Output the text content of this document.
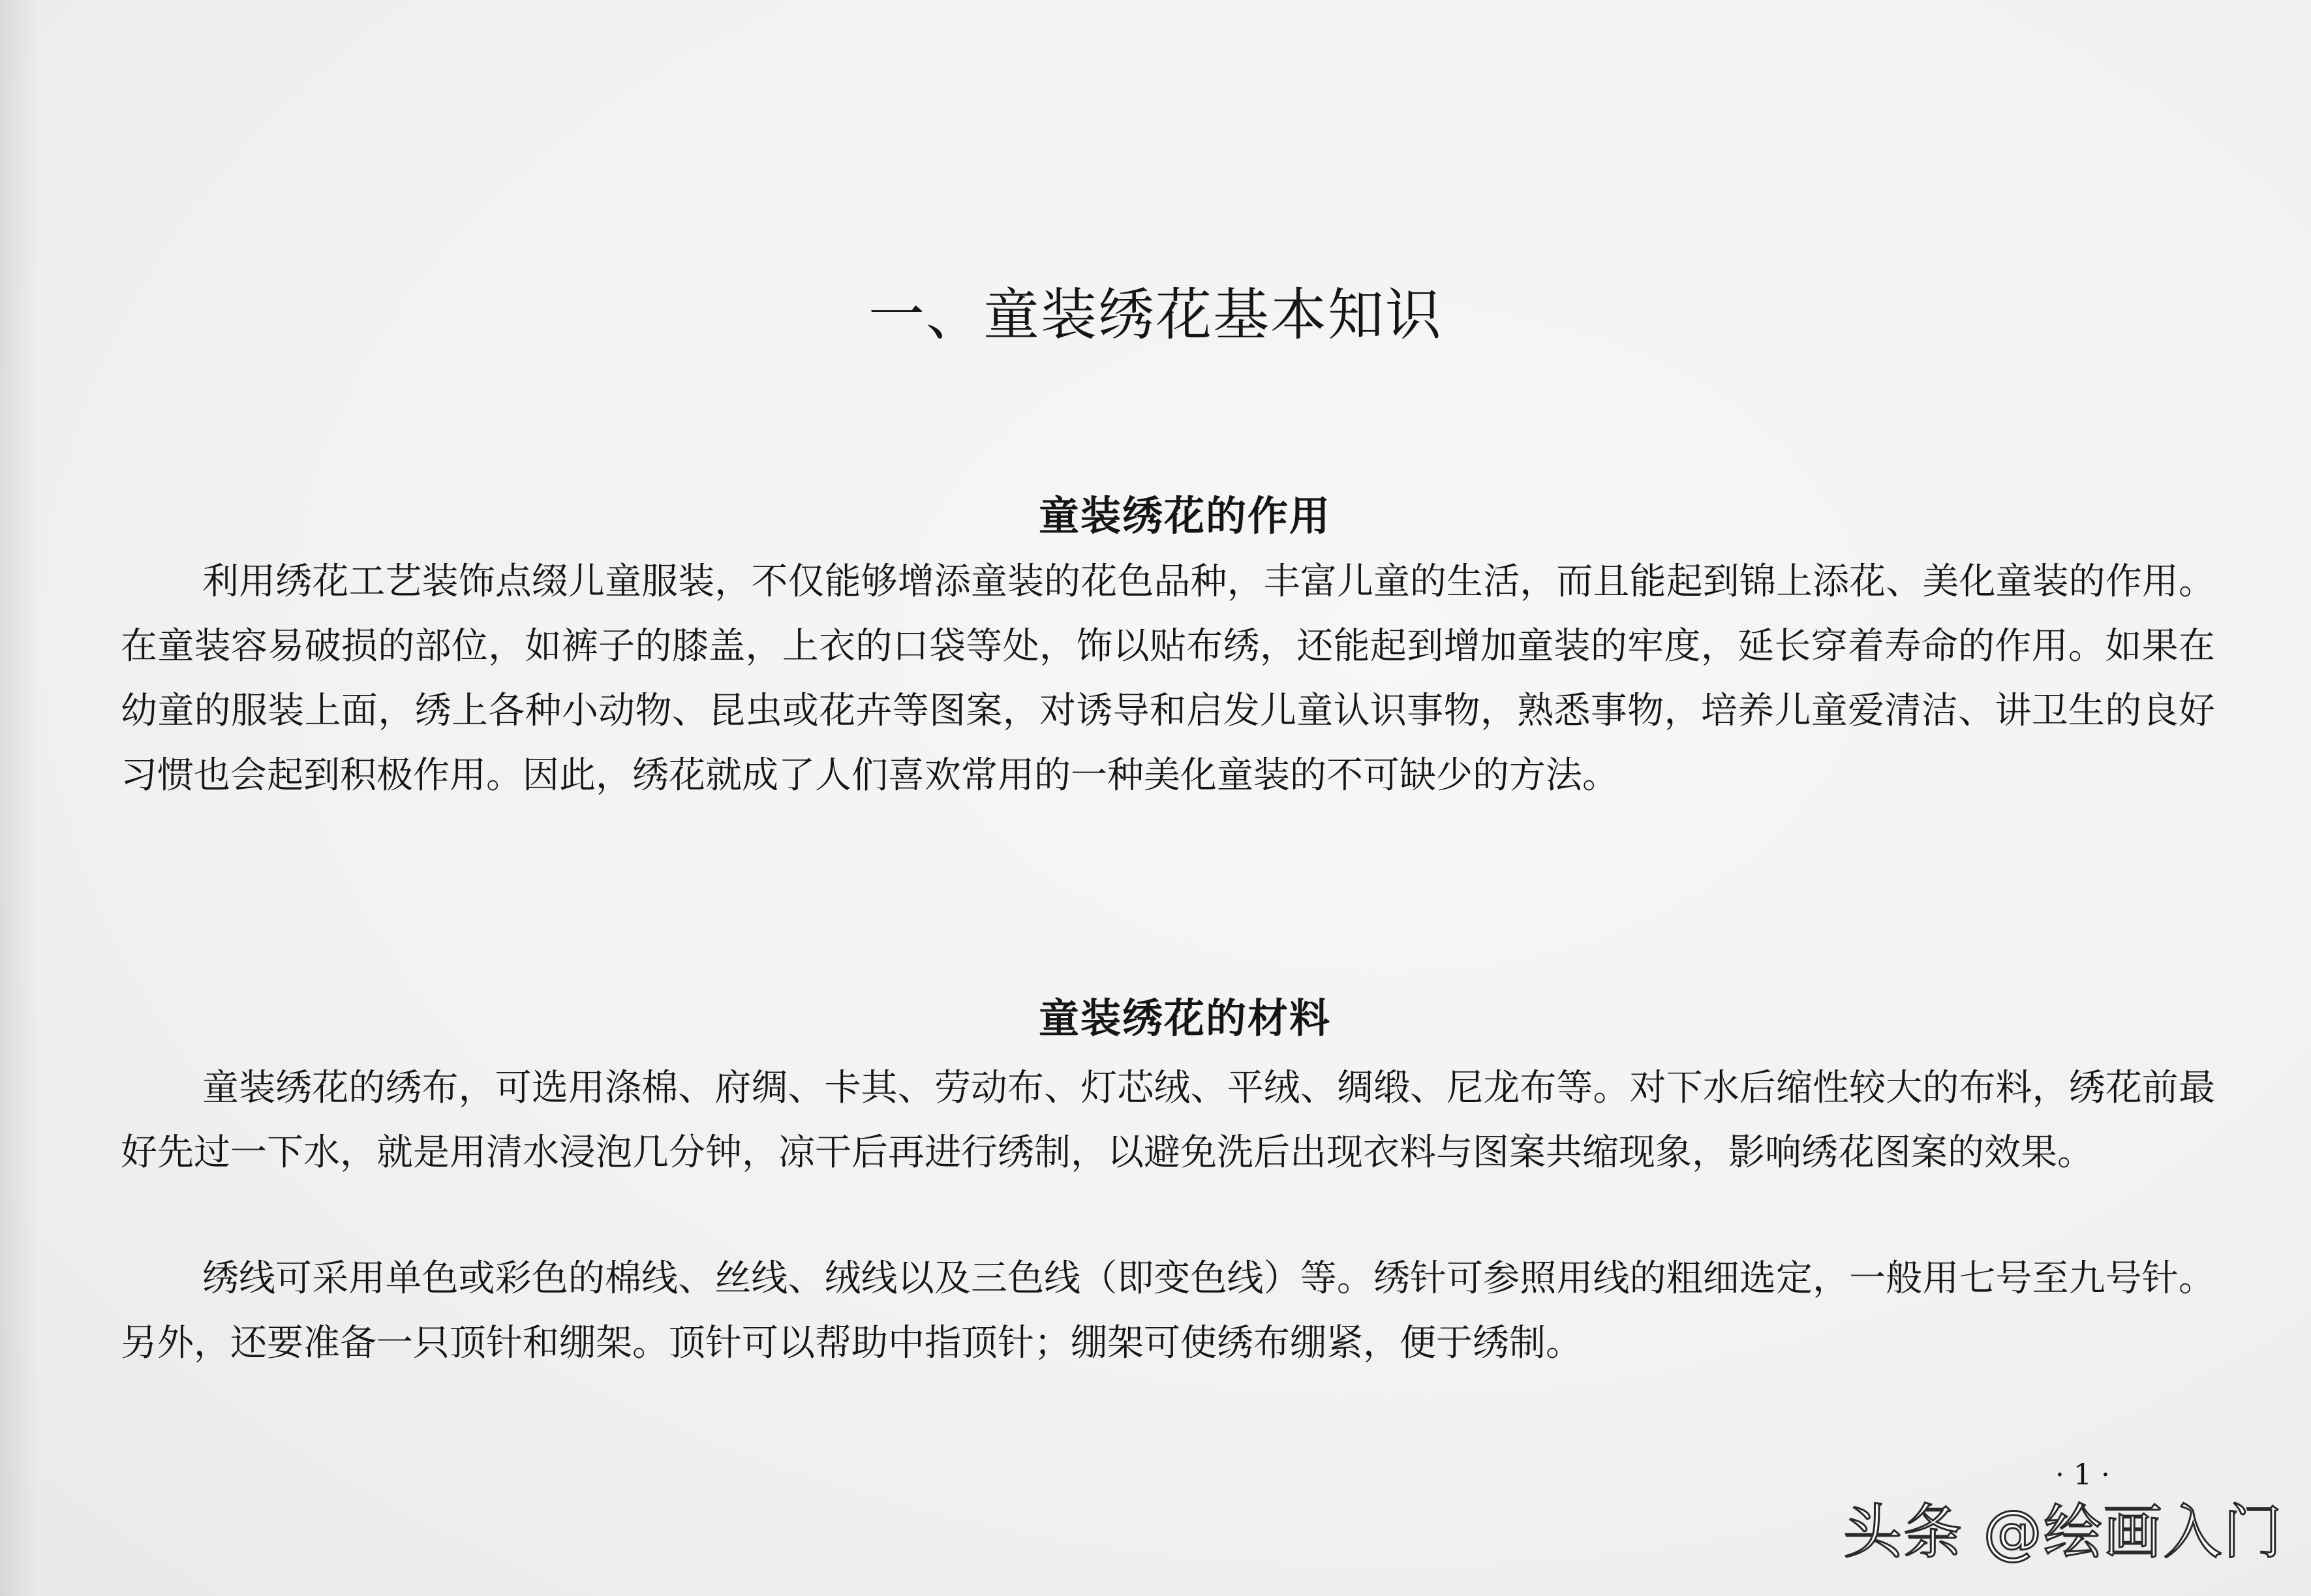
一、童装绣花基本知识
童装绣花的作用

利用绣花工艺装饰点缀儿童服装，不仅能够增添童装的花色品种，丰富儿童的生活，而且能起到锦上添花、美化童装的作用。在童装容易破损的部位，如裤子的膝盖，上衣的口袋等处，饰以贴布绣，还能起到增加童装的牢度，延长穿着寿命的作用。如果在幼童的服装上面，绣上各种小动物、昆虫或花卉等图案，对诱导和启发儿童认识事物，熟悉事物，培养儿童爱清洁、讲卫生的良好习惯也会起到积极作用。因此，绣花就成了人们喜欢常用的一种美化童装的不可缺少的方法。

童装绣花的材料

童装绣花的绣布，可选用涤棉、府绸、卡其、劳动布、灯芯绒、平绒、绸缎、尼龙布等。对下水后缩性较大的布料，绣花前最好先过一下水，就是用清水浸泡几分钟，凉干后再进行绣制，以避免洗后出现衣料与图案共缩现象，影响绣花图案的效果。

绣线可采用单色或彩色的棉线、丝线、绒线以及三色线（即变色线）等。绣针可参照用线的粗细选定，一般用七号至九号针。另外，还要准备一只顶针和绷架。顶针可以帮助中指顶针；绷架可使绣布绷紧，便于绣制。

· 1 ·
头条 @绘画入门
